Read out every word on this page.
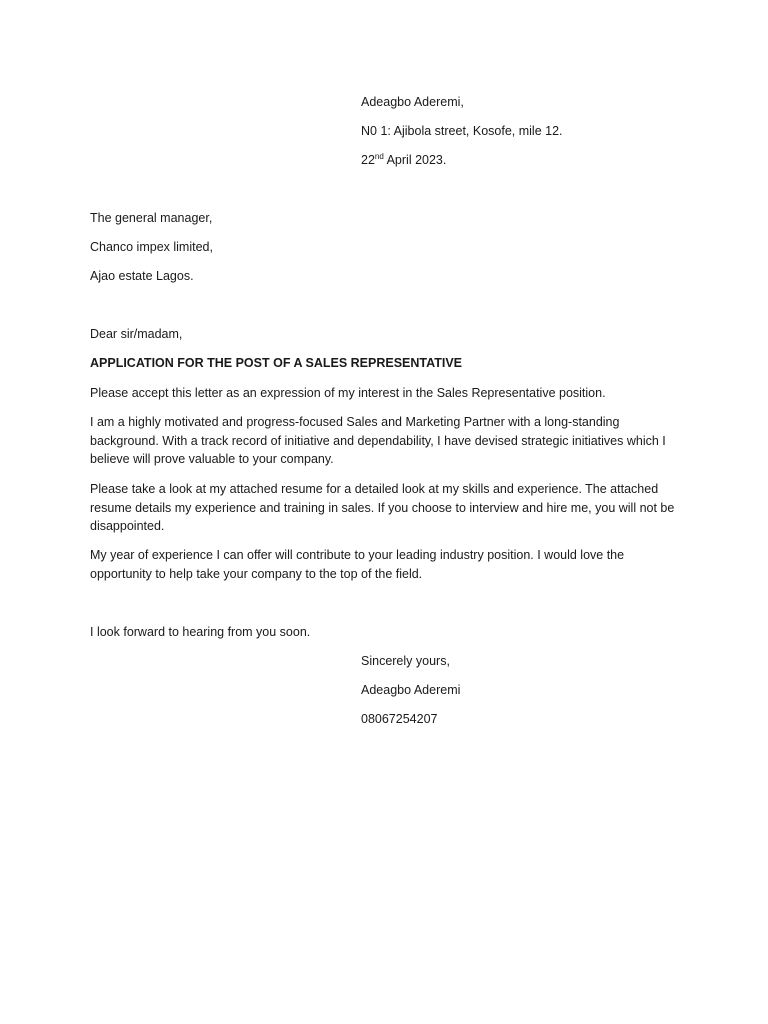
Adeagbo Aderemi,
N0 1: Ajibola street, Kosofe, mile 12.
22nd April 2023.
The general manager,
Chanco impex limited,
Ajao estate Lagos.
Dear sir/madam,
APPLICATION FOR THE POST OF A SALES REPRESENTATIVE
Please accept this letter as an expression of my interest in the Sales Representative position.
I am a highly motivated and progress-focused Sales and Marketing Partner with a long-standing background. With a track record of initiative and dependability, I have devised strategic initiatives which I believe will prove valuable to your company.
Please take a look at my attached resume for a detailed look at my skills and experience. The attached resume details my experience and training in sales. If you choose to interview and hire me, you will not be disappointed.
My year of experience I can offer will contribute to your leading industry position. I would love the opportunity to help take your company to the top of the field.
I look forward to hearing from you soon.
Sincerely yours,
Adeagbo Aderemi
08067254207
